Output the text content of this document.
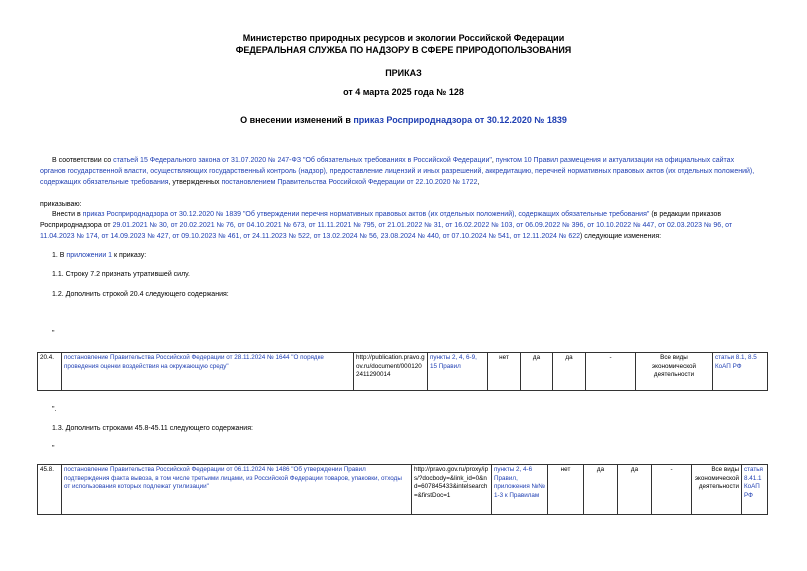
Министерство природных ресурсов и экологии Российской Федерации
ФЕДЕРАЛЬНАЯ СЛУЖБА ПО НАДЗОРУ В СФЕРЕ ПРИРОДОПОЛЬЗОВАНИЯ
ПРИКАЗ
от 4 марта 2025 года № 128
О внесении изменений в приказ Росприроднадзора от 30.12.2020 № 1839
В соответствии со статьей 15 Федерального закона от 31.07.2020 № 247-ФЗ "Об обязательных требованиях в Российской Федерации", пунктом 10 Правил размещения и актуализации на официальных сайтах
органов государственной власти, осуществляющих государственный контроль (надзор), предоставление лицензий и иных разрешений, аккредитацию, перечней нормативных правовых актов (их отдельных положений),
содержащих обязательные требования, утвержденных постановлением Правительства Российской Федерации от 22.10.2020 № 1722,
приказываю:
Внести в приказ Росприроднадзора от 30.12.2020 № 1839 "Об утверждении перечня нормативных правовых актов (их отдельных положений), содержащих обязательные требования" (в редакции приказов
Росприроднадзора от 29.01.2021 № 30, от 20.02.2021 № 76, от 04.10.2021 № 673, от 11.11.2021 № 795, от 21.01.2022 № 31, от 16.02.2022 № 103, от 06.09.2022 № 396, от 10.10.2022 № 447, от 02.03.2023 № 96, от
11.04.2023 № 174, от 14.09.2023 № 427, от 09.10.2023 № 461, от 24.11.2023 № 522, от 13.02.2024 № 56, 23.08.2024 № 440, от 07.10.2024 № 541, от 12.11.2024 № 622) следующие изменения:
1. В приложении 1 к приказу:
1.1. Строку 7.2 признать утратившей силу.
1.2. Дополнить строкой 20.4 следующего содержания:
"
20.4.	постановление Правительства Российской Федерации от 28.11.2024 № 1644 "О порядке проведения оценки воздействия на окружающую среду"	http://publication.pravo.gov.ru/document/0001202411290014	пункты 2, 4, 6-9, 15 Правил	нет	да	да	-	Все виды экономической деятельности	статьи 8.1, 8.5 КоАП РФ
".
1.3. Дополнить строками 45.8-45.11 следующего содержания:
"
45.8.	постановление Правительства Российской Федерации от 06.11.2024 № 1486 "Об утверждении Правил подтверждения факта вывоза, в том числе третьими лицами, из Российской Федерации товаров, упаковки, отходы от использования которых подлежат утилизации"	http://pravo.gov.ru/proxy/ips/?docbody=&link_id=0&nd=607845433&intelsearch=&firstDoc=1	пункты 2, 4-6 Правил, приложения №№ 1-3 к Правилам	нет	да	да	-	Все виды экономической деятельности	статья 8.41.1 КоАП РФ
